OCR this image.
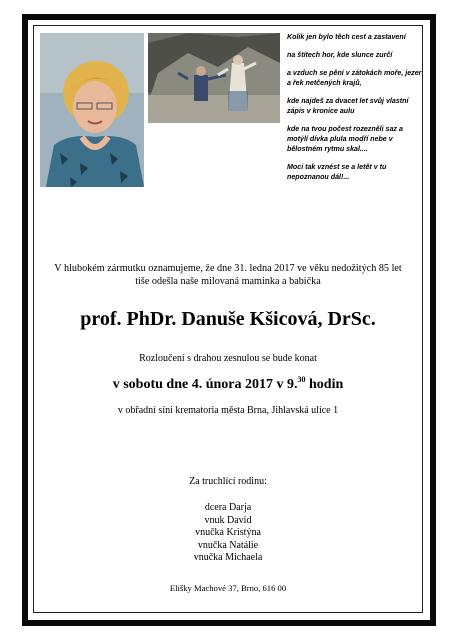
Kolik jen bylo těch cest a zastavení

na štítech hor, kde slunce zurčí

a vzduch se pění v zátokách moře, jezer a řek netčených krajů,

kde najdeš za dvacet let svůj vlastní zápis v kronice aulu

kde na tvou počest rozezněli saz a motýlí dívka plula modří nebe v bělostném rytmu skal....

Moci tak vznést se a letět v tu nepoznanou dál!...

V hlubokém zármutku oznamujeme, že dne 31. ledna 2017 ve věku nedožitých 85 let
tiše odešla naše milovaná maminka a babička
prof. PhDr. Danuše Kšicová, DrSc.
Rozloučení s drahou zesnulou se bude konat
v sobotu dne 4. února 2017 v 9.30 hodin
v obřadní síni krematoria města Brna, Jihlavská ulice 1
Za truchlící rodinu:
dcera Darja
vnuk David
vnučka Kristýna
vnučka Natálie
vnučka Michaela
Elišky Machové 37, Brno, 616 00
